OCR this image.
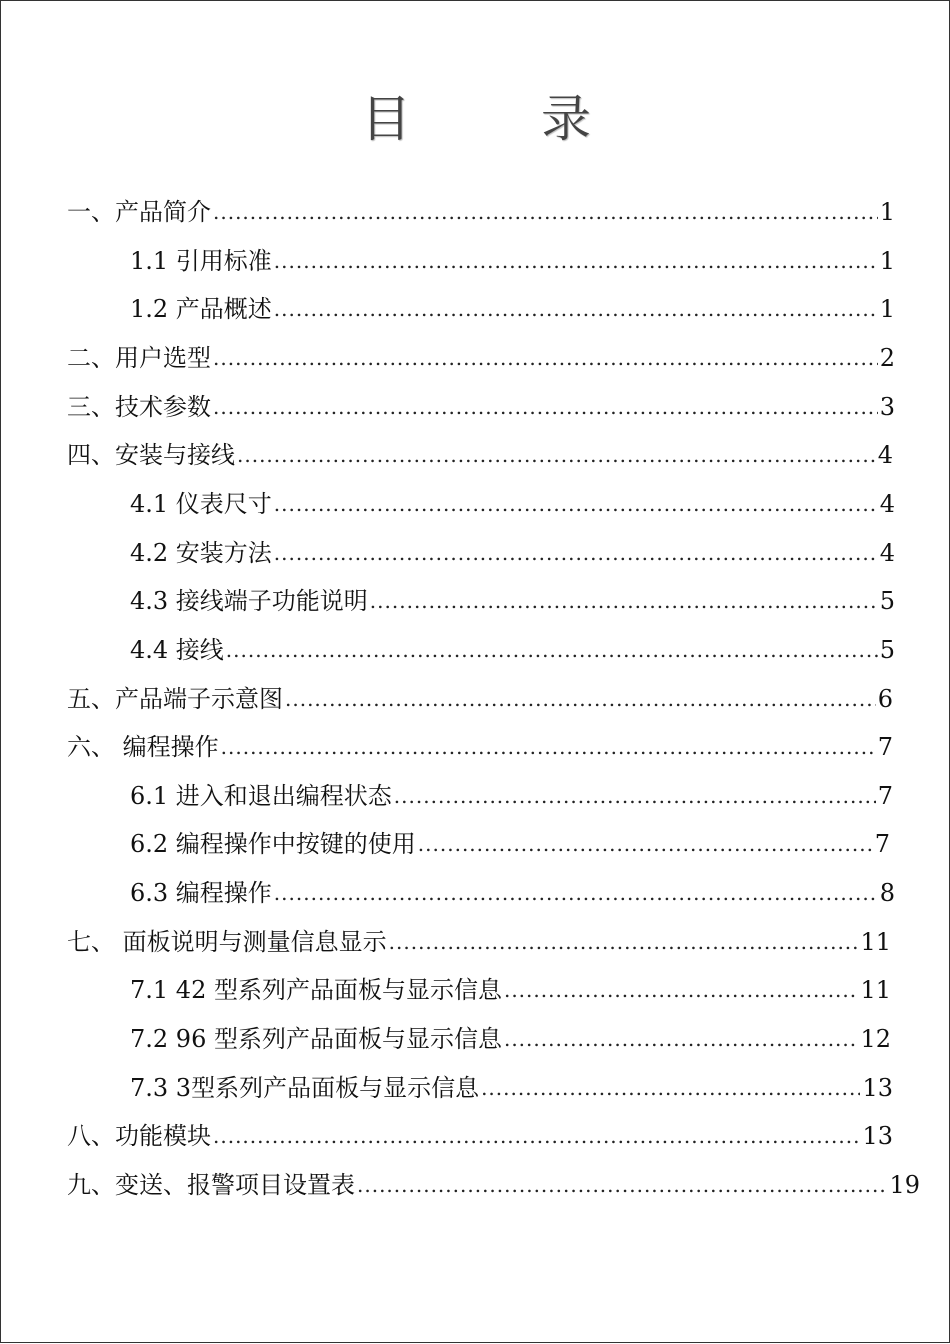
目　录
一、产品简介 .....	1
1.1 引用标准 .....	1
1.2 产品概述 .....	1
二、用户选型 .....	2
三、技术参数 .....	3
四、安装与接线 .....	4
4.1 仪表尺寸 .....	4
4.2 安装方法 .....	4
4.3 接线端子功能说明 .....	5
4.4 接线 .....	5
五、产品端子示意图 .....	6
六、 编程操作 .....	7
6.1 进入和退出编程状态 .....	7
6.2 编程操作中按键的使用 .....	7
6.3 编程操作 .....	8
七、 面板说明与测量信息显示 .....	11
7.1 42 型系列产品面板与显示信息 .....	11
7.2 96 型系列产品面板与显示信息 .....	12
7.3 3型系列产品面板与显示信息 .....	13
八、功能模块 .....	13
九、变送、报警项目设置表 .....	19
